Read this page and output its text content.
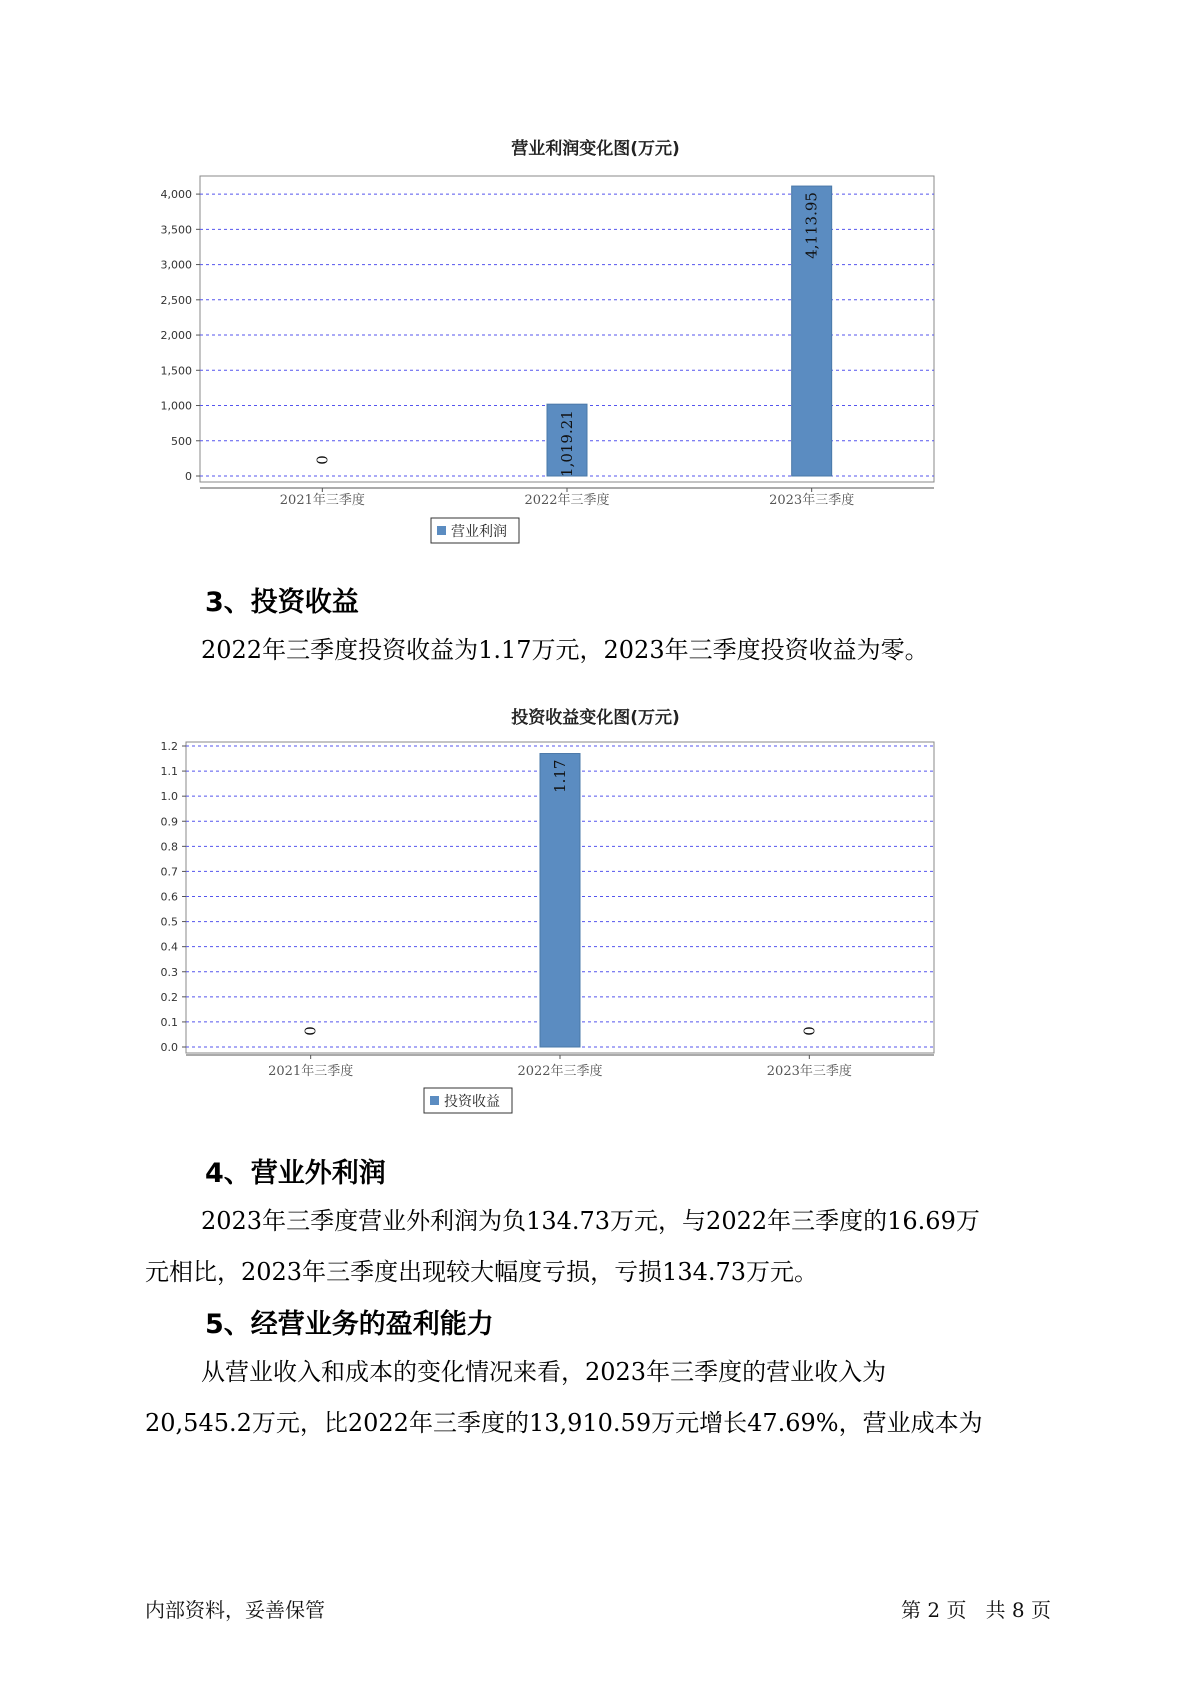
营业利润变化图(万元)
0
500
1,000
1,500
2,000
2,500
3,000
3,500
4,000
2021年三季度
0
2022年三季度
1,019.21
2023年三季度
4,113.95
营业利润
3、投资收益
2022年三季度投资收益为1.17万元，2023年三季度投资收益为零。
投资收益变化图(万元)
0.0
0.1
0.2
0.3
0.4
0.5
0.6
0.7
0.8
0.9
1.0
1.1
1.2
2021年三季度
0
2022年三季度
1.17
2023年三季度
0
投资收益
4、营业外利润
2023年三季度营业外利润为负134.73万元，与2022年三季度的16.69万
元相比，2023年三季度出现较大幅度亏损，亏损134.73万元。
5、经营业务的盈利能力
从营业收入和成本的变化情况来看，2023年三季度的营业收入为
20,545.2万元，比2022年三季度的13,910.59万元增长47.69%，营业成本为
内部资料，妥善保管	第 2 页   共 8 页
